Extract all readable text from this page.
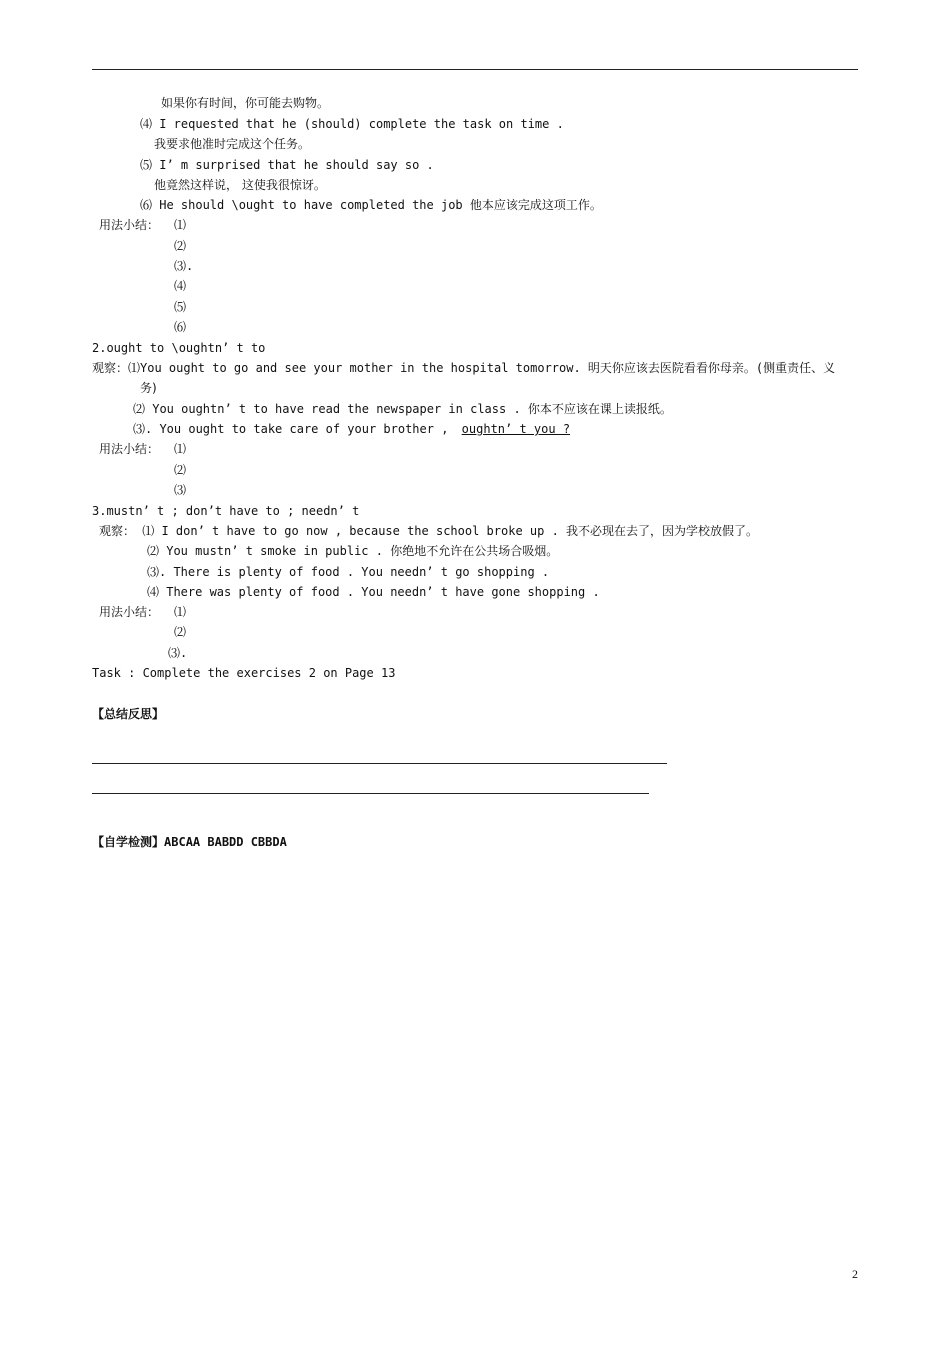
如果你有时间，你可能去购物。
⑷ I requested that he (should) complete the task on time .
我要求他准时完成这个任务。
⑸ I’ m surprised that he should say so .
他竟然这样说， 这使我很惊讶。
⑹ He should \ought to have completed the job 他本应该完成这项工作。
用法小结： ⑴
⑵
⑶.
⑷
⑸
⑹
2.ought to \oughtn’ t to
观察：⑴You ought to go and see your mother in the hospital tomorrow. 明天你应该去医院看看你母亲。(侧重责任、义
务)
⑵ You oughtn’ t to have read the newspaper in class . 你本不应该在课上读报纸。
⑶. You ought to take care of your brother , oughtn’ t you ?
用法小结： ⑴
⑵
⑶
3.mustn’ t ; don’t have to ; needn’ t
观察： ⑴ I don’ t have to go now , because the school broke up . 我不必现在去了，因为学校放假了。
⑵ You mustn’ t smoke in public . 你绝地不允许在公共场合吸烟。
⑶. There is plenty of food . You needn’ t go shopping .
⑷ There was plenty of food . You needn’ t have gone shopping .
用法小结： ⑴
⑵
⑶.
Task : Complete the exercises 2 on Page 13
【总结反思】
【自学检测】ABCAA BABDD CBBDA
2
